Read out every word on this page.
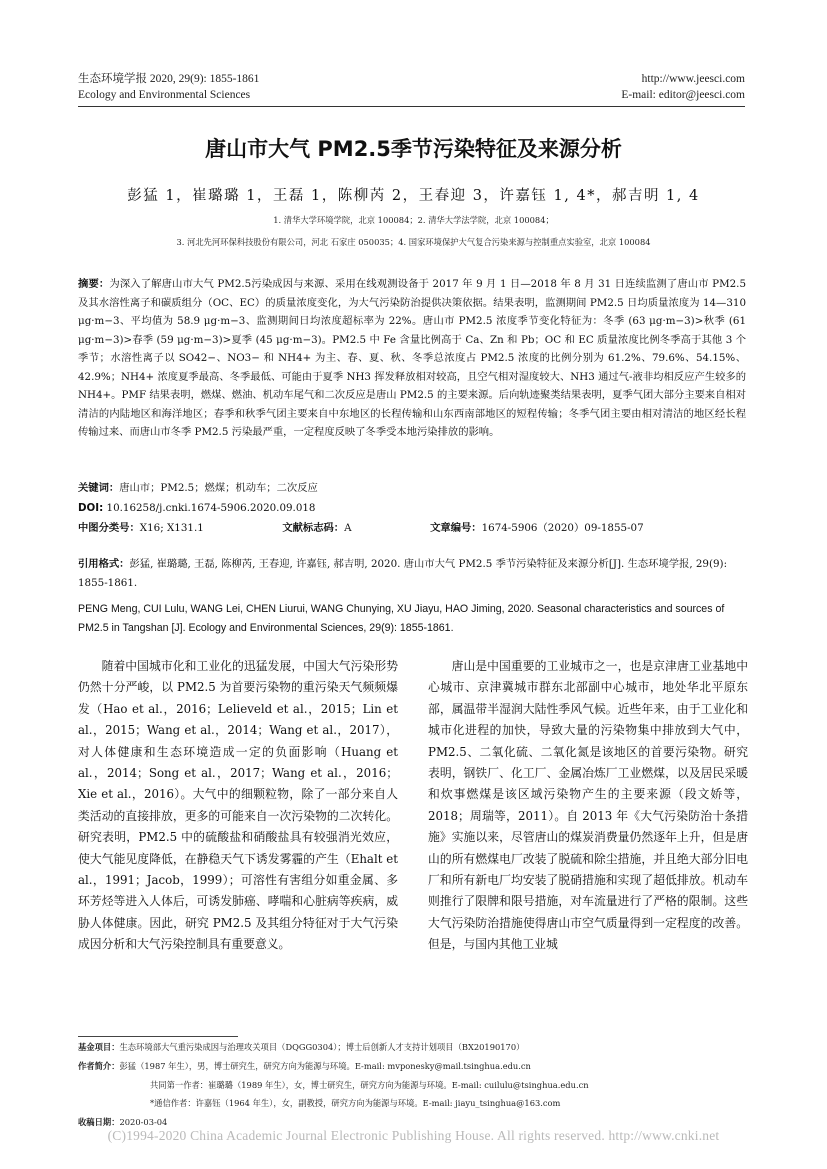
生态环境学报 2020, 29(9): 1855-1861
Ecology and Environmental Sciences
http://www.jeesci.com
E-mail: editor@jeesci.com
唐山市大气 PM2.5季节污染特征及来源分析
彭猛 1，崔璐璐 1，王磊 1，陈柳芮 2，王春迎 3，许嘉钰 1, 4*，郝吉明 1, 4
1. 清华大学环境学院，北京 100084；2. 清华大学法学院，北京 100084；
3. 河北先河环保科技股份有限公司，河北 石家庄 050035；4. 国家环境保护大气复合污染来源与控制重点实验室，北京 100084
摘要：为深入了解唐山市大气 PM2.5污染成因与来源、采用在线观测设备于 2017 年 9 月 1 日—2018 年 8 月 31 日连续监测了唐山市 PM2.5 及其水溶性离子和碳质组分（OC、EC）的质量浓度变化，为大气污染防治提供决策依据。结果表明，监测期间 PM2.5 日均质量浓度为 14—310 μg·m−3、平均值为 58.9 μg·m−3、监测期间日均浓度超标率为 22%。唐山市 PM2.5 浓度季节变化特征为：冬季 (63 μg·m−3)>秋季 (61 μg·m−3)>春季 (59 μg·m−3)>夏季 (45 μg·m−3)。PM2.5 中 Fe 含量比例高于 Ca、Zn 和 Pb；OC 和 EC 质量浓度比例冬季高于其他 3 个季节；水溶性离子以 SO42−、NO3− 和 NH4+ 为主、春、夏、秋、冬季总浓度占 PM2.5 浓度的比例分别为 61.2%、79.6%、54.15%、42.9%；NH4+ 浓度夏季最高、冬季最低、可能由于夏季 NH3 挥发释放相对较高，且空气相对湿度较大、NH3 通过气-液非均相反应产生较多的 NH4+。PMF 结果表明，燃煤、燃油、机动车尾气和二次反应是唐山 PM2.5 的主要来源。后向轨迹聚类结果表明，夏季气团大部分主要来自相对清洁的内陆地区和海洋地区；春季和秋季气团主要来自中东地区的长程传输和山东西南部地区的短程传输；冬季气团主要由相对清洁的地区经长程传输过来、而唐山市冬季 PM2.5 污染最严重，一定程度反映了冬季受本地污染排放的影响。
关键词：唐山市；PM2.5；燃煤；机动车；二次反应
DOI: 10.16258/j.cnki.1674-5906.2020.09.018
中图分类号：X16; X131.1	文献标志码：A	文章编号：1674-5906（2020）09-1855-07
引用格式：彭猛, 崔璐璐, 王磊, 陈柳芮, 王春迎, 许嘉钰, 郝吉明, 2020. 唐山市大气 PM2.5 季节污染特征及来源分析[J]. 生态环境学报, 29(9): 1855-1861.
PENG Meng, CUI Lulu, WANG Lei, CHEN Liurui, WANG Chunying, XU Jiayu, HAO Jiming, 2020. Seasonal characteristics and sources of PM2.5 in Tangshan [J]. Ecology and Environmental Sciences, 29(9): 1855-1861.

随着中国城市化和工业化的迅猛发展，中国大气污染形势仍然十分严峻，以 PM2.5 为首要污染物的重污染天气频频爆发（Hao et al.，2016；Lelieveld et al.，2015；Lin et al.，2015；Wang et al.，2014；Wang et al.，2017），对人体健康和生态环境造成一定的负面影响（Huang et al.，2014；Song et al.，2017；Wang et al.，2016；Xie et al.，2016）。大气中的细颗粒物，除了一部分来自人类活动的直接排放，更多的可能来自一次污染物的二次转化。研究表明，PM2.5 中的硫酸盐和硝酸盐具有较强消光效应，使大气能见度降低，在静稳天气下诱发雾霾的产生（Ehalt et al.，1991；Jacob，1999）；可溶性有害组分如重金属、多环芳烃等进入人体后，可诱发肺癌、哮喘和心脏病等疾病，威胁人体健康。因此，研究 PM2.5 及其组分特征对于大气污染成因分析和大气污染控制具有重要意义。

唐山是中国重要的工业城市之一，也是京津唐工业基地中心城市、京津冀城市群东北部副中心城市，地处华北平原东部，属温带半湿润大陆性季风气候。近些年来，由于工业化和城市化进程的加快，导致大量的污染物集中排放到大气中，PM2.5、二氧化硫、二氧化氮是该地区的首要污染物。研究表明，钢铁厂、化工厂、金属冶炼厂工业燃煤，以及居民采暖和炊事燃煤是该区域污染物产生的主要来源（段文娇等，2018；周瑞等，2011）。自 2013 年《大气污染防治十条措施》实施以来，尽管唐山的煤炭消费量仍然逐年上升，但是唐山的所有燃煤电厂改装了脱硫和除尘措施，并且绝大部分旧电厂和所有新电厂均安装了脱硝措施和实现了超低排放。机动车则推行了限牌和限号措施，对车流量进行了严格的限制。这些大气污染防治措施使得唐山市空气质量得到一定程度的改善。但是，与国内其他工业城

基金项目：生态环境部大气重污染成因与治理攻关项目（DQGG0304）；博士后创新人才支持计划项目（BX20190170）
作者简介：彭猛（1987 年生），男，博士研究生，研究方向为能源与环境。E-mail: mvponesky@mail.tsinghua.edu.cn
共同第一作者：崔璐璐（1989 年生），女，博士研究生，研究方向为能源与环境。E-mail: cuilulu@tsinghua.edu.cn
*通信作者：许嘉钰（1964 年生），女，副教授，研究方向为能源与环境。E-mail: jiayu_tsinghua@163.com
收稿日期：2020-03-04
(C)1994-2020 China Academic Journal Electronic Publishing House. All rights reserved. http://www.cnki.net
